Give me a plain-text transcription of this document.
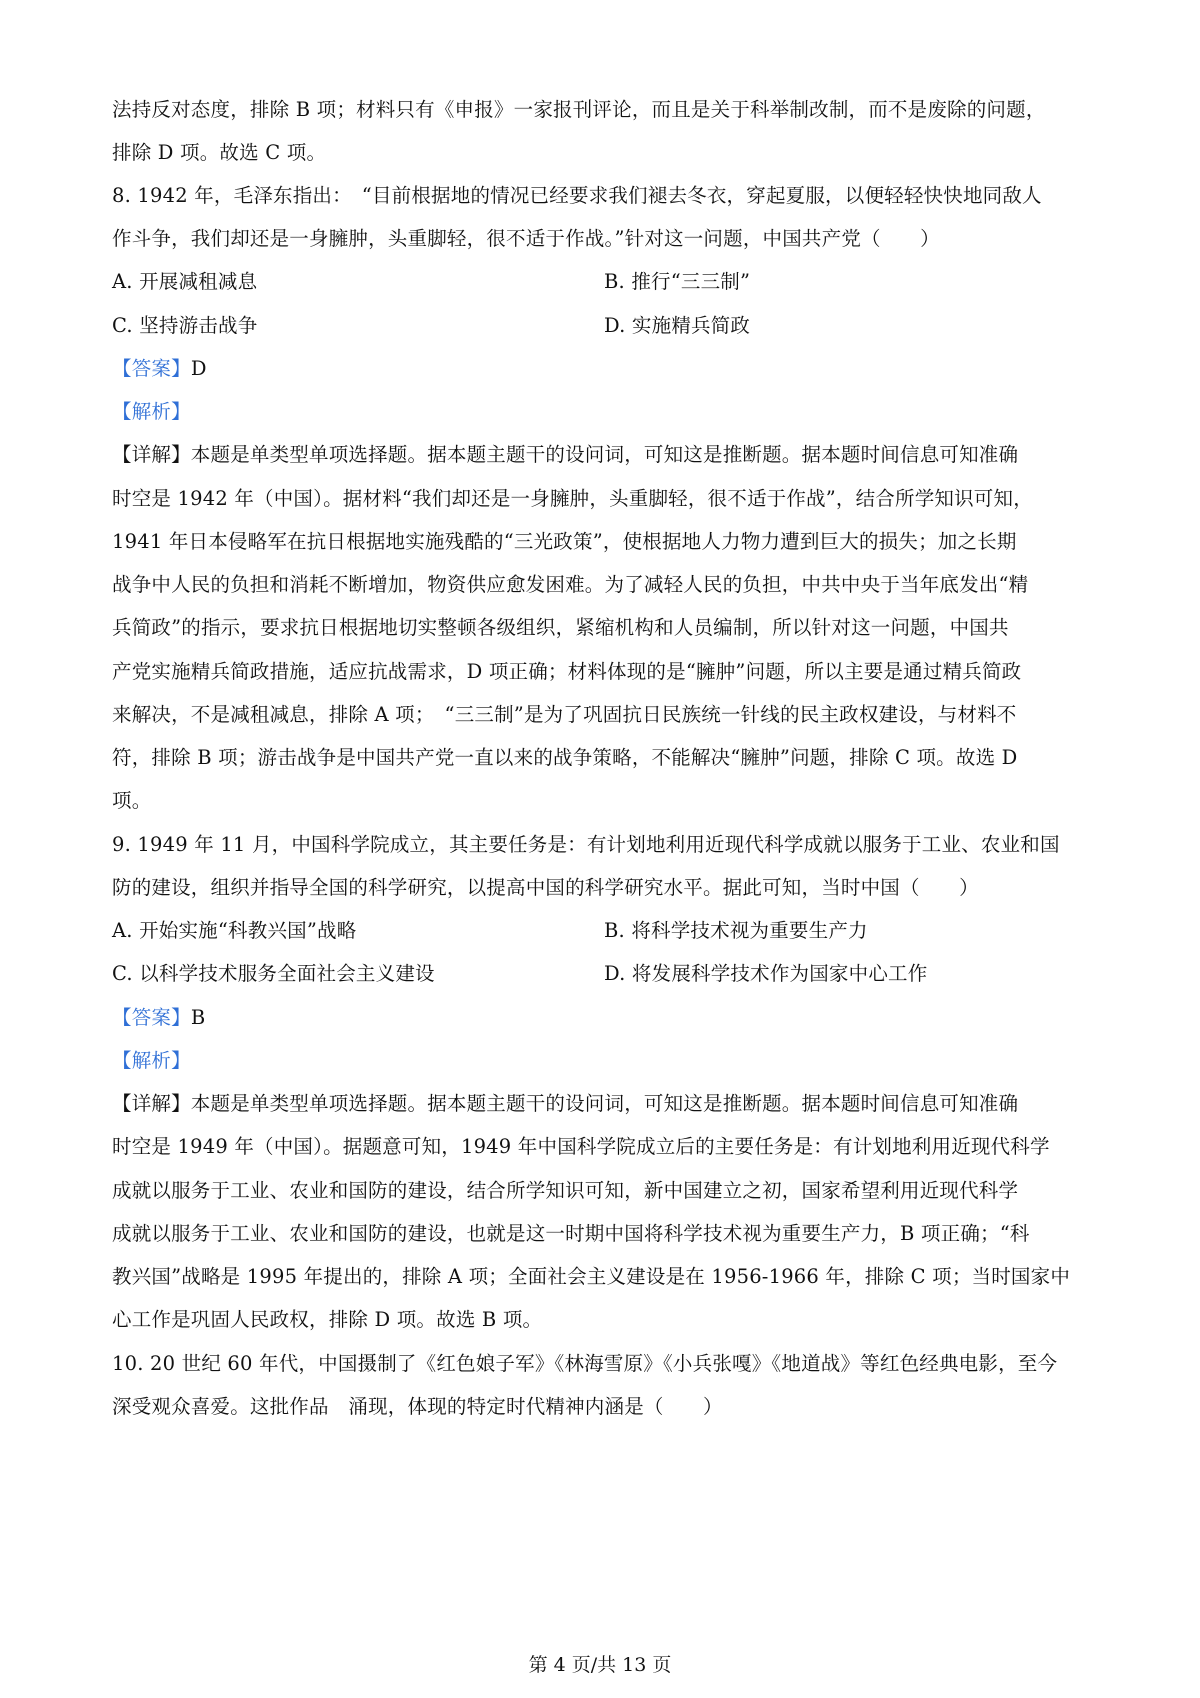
法持反对态度，排除 B 项；材料只有《申报》一家报刊评论，而且是关于科举制改制，而不是废除的问题，
排除 D 项。故选 C 项。
8. 1942 年，毛泽东指出：　“目前根据地的情况已经要求我们褪去冬衣，穿起夏服，以便轻轻快快地同敌人
作斗争，我们却还是一身臃肿，头重脚轻，很不适于作战。”针对这一问题，中国共产党（　　）
A. 开展减租减息	B. 推行“三三制”
C. 坚持游击战争	D. 实施精兵简政
【答案】D
【解析】
【详解】本题是单类型单项选择题。据本题主题干的设问词，可知这是推断题。据本题时间信息可知准确
时空是 1942 年（中国）。据材料“我们却还是一身臃肿，头重脚轻，很不适于作战”，结合所学知识可知，
1941 年日本侵略军在抗日根据地实施残酷的“三光政策”，使根据地人力物力遭到巨大的损失；加之长期
战争中人民的负担和消耗不断增加，物资供应愈发困难。为了减轻人民的负担，中共中央于当年底发出“精
兵简政”的指示，要求抗日根据地切实整顿各级组织，紧缩机构和人员编制，所以针对这一问题，中国共
产党实施精兵简政措施，适应抗战需求，D 项正确；材料体现的是“臃肿”问题，所以主要是通过精兵简政
来解决，不是减租减息，排除 A 项；　“三三制”是为了巩固抗日民族统一针线的民主政权建设，与材料不
符，排除 B 项；游击战争是中国共产党一直以来的战争策略，不能解决“臃肿”问题，排除 C 项。故选 D
项。
9. 1949 年 11 月，中国科学院成立，其主要任务是：有计划地利用近现代科学成就以服务于工业、农业和国
防的建设，组织并指导全国的科学研究，以提高中国的科学研究水平。据此可知，当时中国（　　）
A. 开始实施“科教兴国”战略	B. 将科学技术视为重要生产力
C. 以科学技术服务全面社会主义建设	D. 将发展科学技术作为国家中心工作
【答案】B
【解析】
【详解】本题是单类型单项选择题。据本题主题干的设问词，可知这是推断题。据本题时间信息可知准确
时空是 1949 年（中国）。据题意可知，1949 年中国科学院成立后的主要任务是：有计划地利用近现代科学
成就以服务于工业、农业和国防的建设，结合所学知识可知，新中国建立之初，国家希望利用近现代科学
成就以服务于工业、农业和国防的建设，也就是这一时期中国将科学技术视为重要生产力，B 项正确；“科
教兴国”战略是 1995 年提出的，排除 A 项；全面社会主义建设是在 1956-1966 年，排除 C 项；当时国家中
心工作是巩固人民政权，排除 D 项。故选 B 项。
10. 20 世纪 60 年代，中国摄制了《红色娘子军》《林海雪原》《小兵张嘎》《地道战》等红色经典电影，至今
深受观众喜爱。这批作品　涌现，体现的特定时代精神内涵是（　　）
第 4 页/共 13 页
